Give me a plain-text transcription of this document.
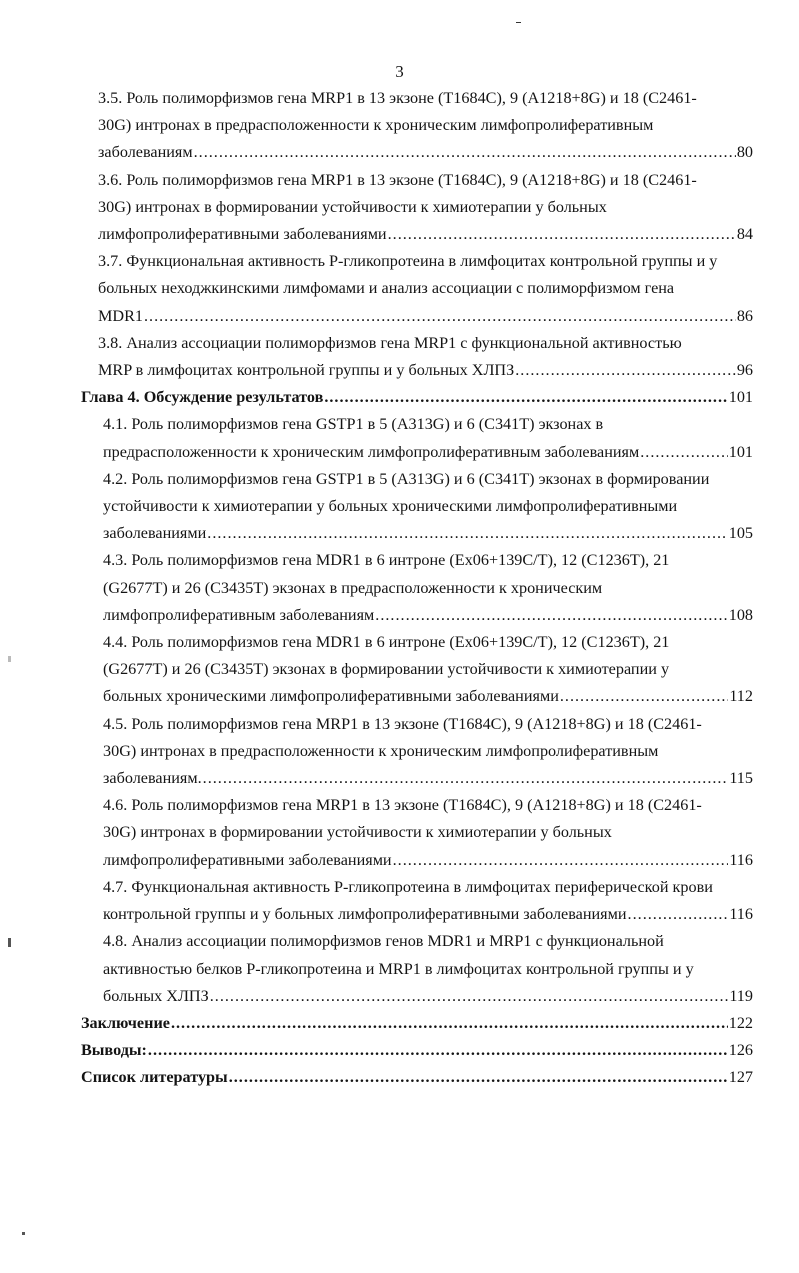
3
3.5. Роль полиморфизмов гена MRP1 в 13 экзоне (T1684C), 9 (A1218+8G) и 18 (C2461-
30G) интронах в предрасположенности к хроническим лимфопролиферативным
заболеваниям .....	80
3.6. Роль полиморфизмов гена MRP1 в 13 экзоне (T1684C), 9 (A1218+8G) и 18 (C2461-
30G) интронах в формировании устойчивости к химиотерапии у больных
лимфопролиферативными заболеваниями .....	84
3.7. Функциональная активность Р-гликопротеина в лимфоцитах контрольной группы и у
больных неходжкинскими лимфомами и анализ ассоциации с полиморфизмом гена
MDR1 .....	86
3.8. Анализ ассоциации полиморфизмов гена MRP1 с функциональной активностью
MRP в лимфоцитах контрольной группы и у больных ХЛПЗ .....	96
Глава 4. Обсуждение результатов .....	101
4.1. Роль полиморфизмов гена GSTP1 в 5 (A313G) и 6 (C341T) экзонах в
предрасположенности к хроническим лимфопролиферативным заболеваниям .....	101
4.2. Роль полиморфизмов гена GSTP1 в 5 (A313G) и 6 (C341T) экзонах в формировании
устойчивости к химиотерапии у больных хроническими лимфопролиферативными
заболеваниями .....	105
4.3. Роль полиморфизмов гена MDR1 в 6 интроне (Ex06+139C/T), 12 (C1236T), 21
(G2677T) и 26 (C3435T) экзонах в предрасположенности к хроническим
лимфопролиферативным заболеваниям .....	108
4.4. Роль полиморфизмов гена MDR1 в 6 интроне (Ex06+139C/T), 12 (C1236T), 21
(G2677T) и 26 (C3435T) экзонах в формировании устойчивости к химиотерапии у
больных хроническими лимфопролиферативными заболеваниями .....	112
4.5. Роль полиморфизмов гена MRP1 в 13 экзоне (T1684C), 9 (A1218+8G) и 18 (C2461-
30G) интронах в предрасположенности к хроническим лимфопролиферативным
заболеваниям. .....	115
4.6. Роль полиморфизмов гена MRP1 в 13 экзоне (T1684C), 9 (A1218+8G) и 18 (C2461-
30G) интронах в формировании устойчивости к химиотерапии у больных
лимфопролиферативными заболеваниями .....	116
4.7. Функциональная активность Р-гликопротеина в лимфоцитах периферической крови
контрольной группы и у больных лимфопролиферативными заболеваниями .....	116
4.8. Анализ ассоциации полиморфизмов генов MDR1 и MRP1 с функциональной
активностью белков Р-гликопротеина и MRP1 в лимфоцитах контрольной группы и у
больных ХЛПЗ .....	119
Заключение .....	122
Выводы: .....	126
Список литературы .....	127
